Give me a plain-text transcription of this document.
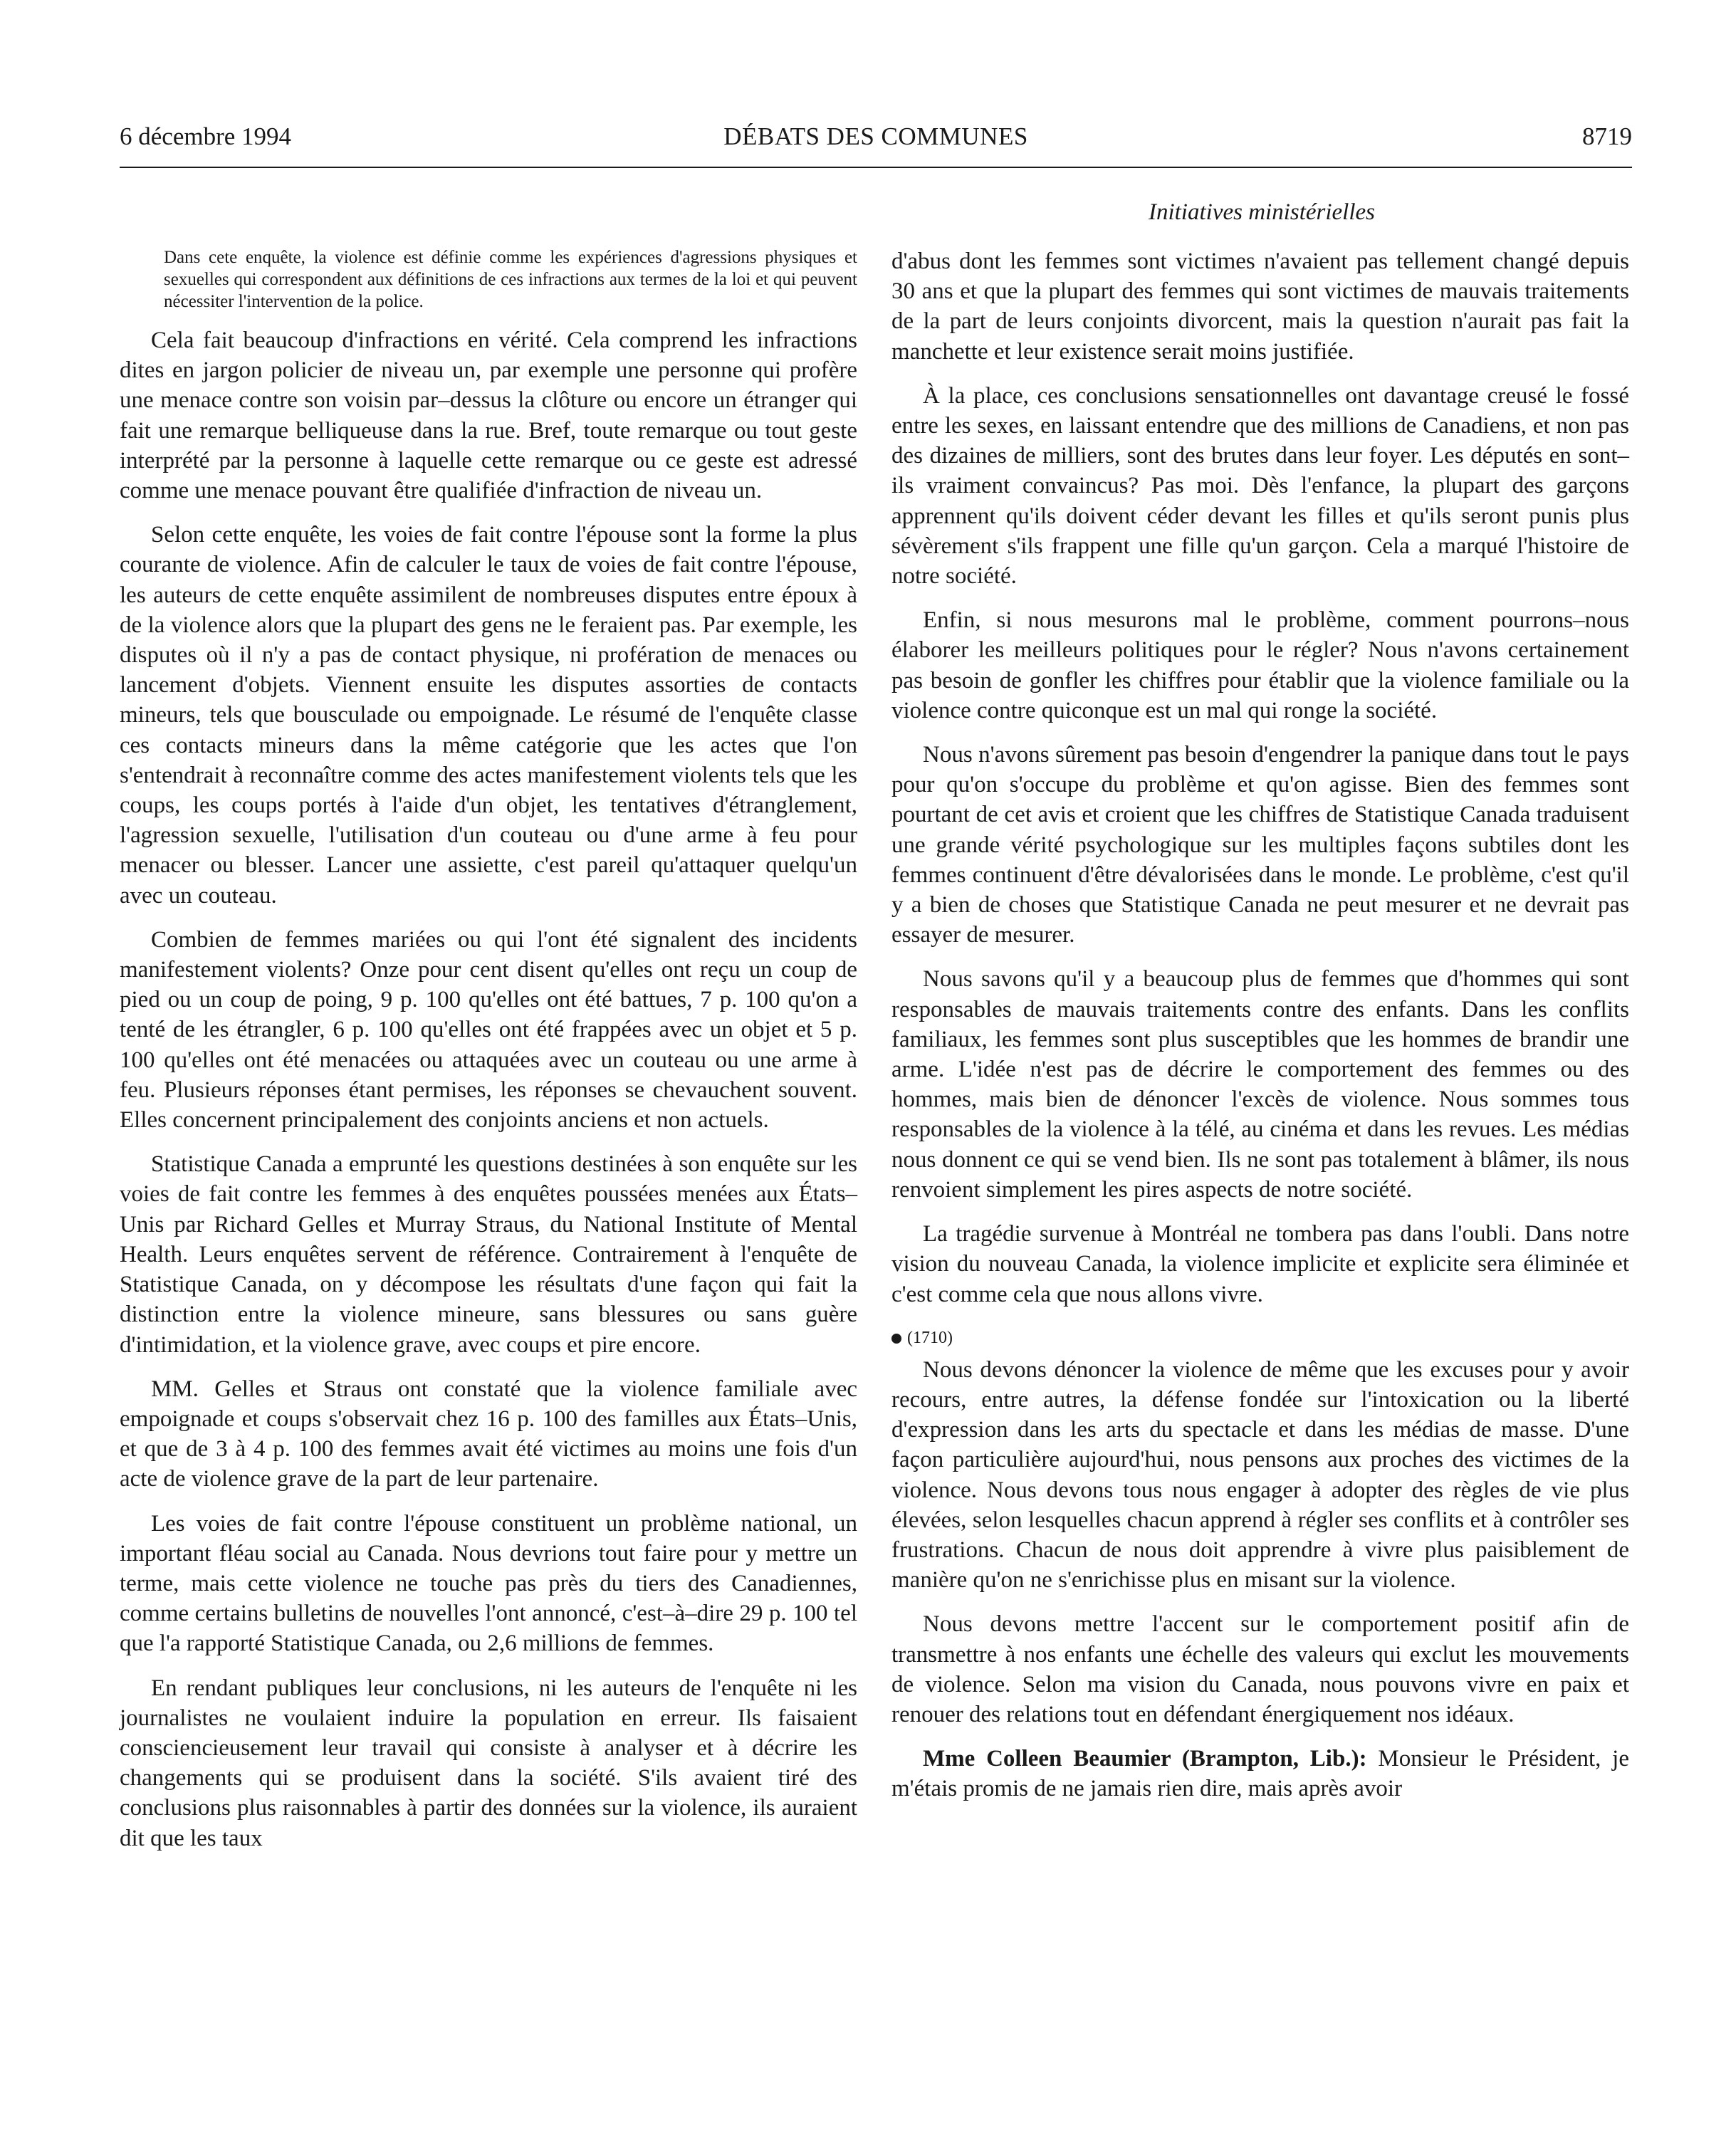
6 décembre 1994	DÉBATS DES COMMUNES	8719
Initiatives ministérielles

Dans cete enquête, la violence est définie comme les expériences d'agressions physiques et sexuelles qui correspondent aux définitions de ces infractions aux termes de la loi et qui peuvent nécessiter l'intervention de la police.

Cela fait beaucoup d'infractions en vérité. Cela comprend les infractions dites en jargon policier de niveau un, par exemple une personne qui profère une menace contre son voisin par–dessus la clôture ou encore un étranger qui fait une remarque belliqueuse dans la rue. Bref, toute remarque ou tout geste interprété par la personne à laquelle cette remarque ou ce geste est adressé comme une menace pouvant être qualifiée d'infraction de niveau un.

Selon cette enquête, les voies de fait contre l'épouse sont la forme la plus courante de violence. Afin de calculer le taux de voies de fait contre l'épouse, les auteurs de cette enquête assimilent de nombreuses disputes entre époux à de la violence alors que la plupart des gens ne le feraient pas. Par exemple, les disputes où il n'y a pas de contact physique, ni profération de menaces ou lancement d'objets. Viennent ensuite les disputes assorties de contacts mineurs, tels que bousculade ou empoignade. Le résumé de l'enquête classe ces contacts mineurs dans la même catégorie que les actes que l'on s'entendrait à reconnaître comme des actes manifestement violents tels que les coups, les coups portés à l'aide d'un objet, les tentatives d'étranglement, l'agression sexuelle, l'utilisation d'un couteau ou d'une arme à feu pour menacer ou blesser. Lancer une assiette, c'est pareil qu'attaquer quelqu'un avec un couteau.

Combien de femmes mariées ou qui l'ont été signalent des incidents manifestement violents? Onze pour cent disent qu'elles ont reçu un coup de pied ou un coup de poing, 9 p. 100 qu'elles ont été battues, 7 p. 100 qu'on a tenté de les étrangler, 6 p. 100 qu'elles ont été frappées avec un objet et 5 p. 100 qu'elles ont été menacées ou attaquées avec un couteau ou une arme à feu. Plusieurs réponses étant permises, les réponses se chevauchent souvent. Elles concernent principalement des conjoints anciens et non actuels.

Statistique Canada a emprunté les questions destinées à son enquête sur les voies de fait contre les femmes à des enquêtes poussées menées aux États–Unis par Richard Gelles et Murray Straus, du National Institute of Mental Health. Leurs enquêtes servent de référence. Contrairement à l'enquête de Statistique Canada, on y décompose les résultats d'une façon qui fait la distinction entre la violence mineure, sans blessures ou sans guère d'intimidation, et la violence grave, avec coups et pire encore.

MM. Gelles et Straus ont constaté que la violence familiale avec empoignade et coups s'observait chez 16 p. 100 des familles aux États–Unis, et que de 3 à 4 p. 100 des femmes avait été victimes au moins une fois d'un acte de violence grave de la part de leur partenaire.

Les voies de fait contre l'épouse constituent un problème national, un important fléau social au Canada. Nous devrions tout faire pour y mettre un terme, mais cette violence ne touche pas près du tiers des Canadiennes, comme certains bulletins de nouvelles l'ont annoncé, c'est–à–dire 29 p. 100 tel que l'a rapporté Statistique Canada, ou 2,6 millions de femmes.

En rendant publiques leur conclusions, ni les auteurs de l'enquête ni les journalistes ne voulaient induire la population en erreur. Ils faisaient consciencieusement leur travail qui consiste à analyser et à décrire les changements qui se produisent dans la société. S'ils avaient tiré des conclusions plus raisonnables à partir des données sur la violence, ils auraient dit que les taux

d'abus dont les femmes sont victimes n'avaient pas tellement changé depuis 30 ans et que la plupart des femmes qui sont victimes de mauvais traitements de la part de leurs conjoints divorcent, mais la question n'aurait pas fait la manchette et leur existence serait moins justifiée.

À la place, ces conclusions sensationnelles ont davantage creusé le fossé entre les sexes, en laissant entendre que des millions de Canadiens, et non pas des dizaines de milliers, sont des brutes dans leur foyer. Les députés en sont–ils vraiment convaincus? Pas moi. Dès l'enfance, la plupart des garçons apprennent qu'ils doivent céder devant les filles et qu'ils seront punis plus sévèrement s'ils frappent une fille qu'un garçon. Cela a marqué l'histoire de notre société.

Enfin, si nous mesurons mal le problème, comment pourrons–nous élaborer les meilleurs politiques pour le régler? Nous n'avons certainement pas besoin de gonfler les chiffres pour établir que la violence familiale ou la violence contre quiconque est un mal qui ronge la société.

Nous n'avons sûrement pas besoin d'engendrer la panique dans tout le pays pour qu'on s'occupe du problème et qu'on agisse. Bien des femmes sont pourtant de cet avis et croient que les chiffres de Statistique Canada traduisent une grande vérité psychologique sur les multiples façons subtiles dont les femmes continuent d'être dévalorisées dans le monde. Le problème, c'est qu'il y a bien de choses que Statistique Canada ne peut mesurer et ne devrait pas essayer de mesurer.

Nous savons qu'il y a beaucoup plus de femmes que d'hommes qui sont responsables de mauvais traitements contre des enfants. Dans les conflits familiaux, les femmes sont plus susceptibles que les hommes de brandir une arme. L'idée n'est pas de décrire le comportement des femmes ou des hommes, mais bien de dénoncer l'excès de violence. Nous sommes tous responsables de la violence à la télé, au cinéma et dans les revues. Les médias nous donnent ce qui se vend bien. Ils ne sont pas totalement à blâmer, ils nous renvoient simplement les pires aspects de notre société.

La tragédie survenue à Montréal ne tombera pas dans l'oubli. Dans notre vision du nouveau Canada, la violence implicite et explicite sera éliminée et c'est comme cela que nous allons vivre.

(1710)

Nous devons dénoncer la violence de même que les excuses pour y avoir recours, entre autres, la défense fondée sur l'intoxication ou la liberté d'expression dans les arts du spectacle et dans les médias de masse. D'une façon particulière aujourd'hui, nous pensons aux proches des victimes de la violence. Nous devons tous nous engager à adopter des règles de vie plus élevées, selon lesquelles chacun apprend à régler ses conflits et à contrôler ses frustrations. Chacun de nous doit apprendre à vivre plus paisiblement de manière qu'on ne s'enrichisse plus en misant sur la violence.

Nous devons mettre l'accent sur le comportement positif afin de transmettre à nos enfants une échelle des valeurs qui exclut les mouvements de violence. Selon ma vision du Canada, nous pouvons vivre en paix et renouer des relations tout en défendant énergiquement nos idéaux.

Mme Colleen Beaumier (Brampton, Lib.): Monsieur le Président, je m'étais promis de ne jamais rien dire, mais après avoir
